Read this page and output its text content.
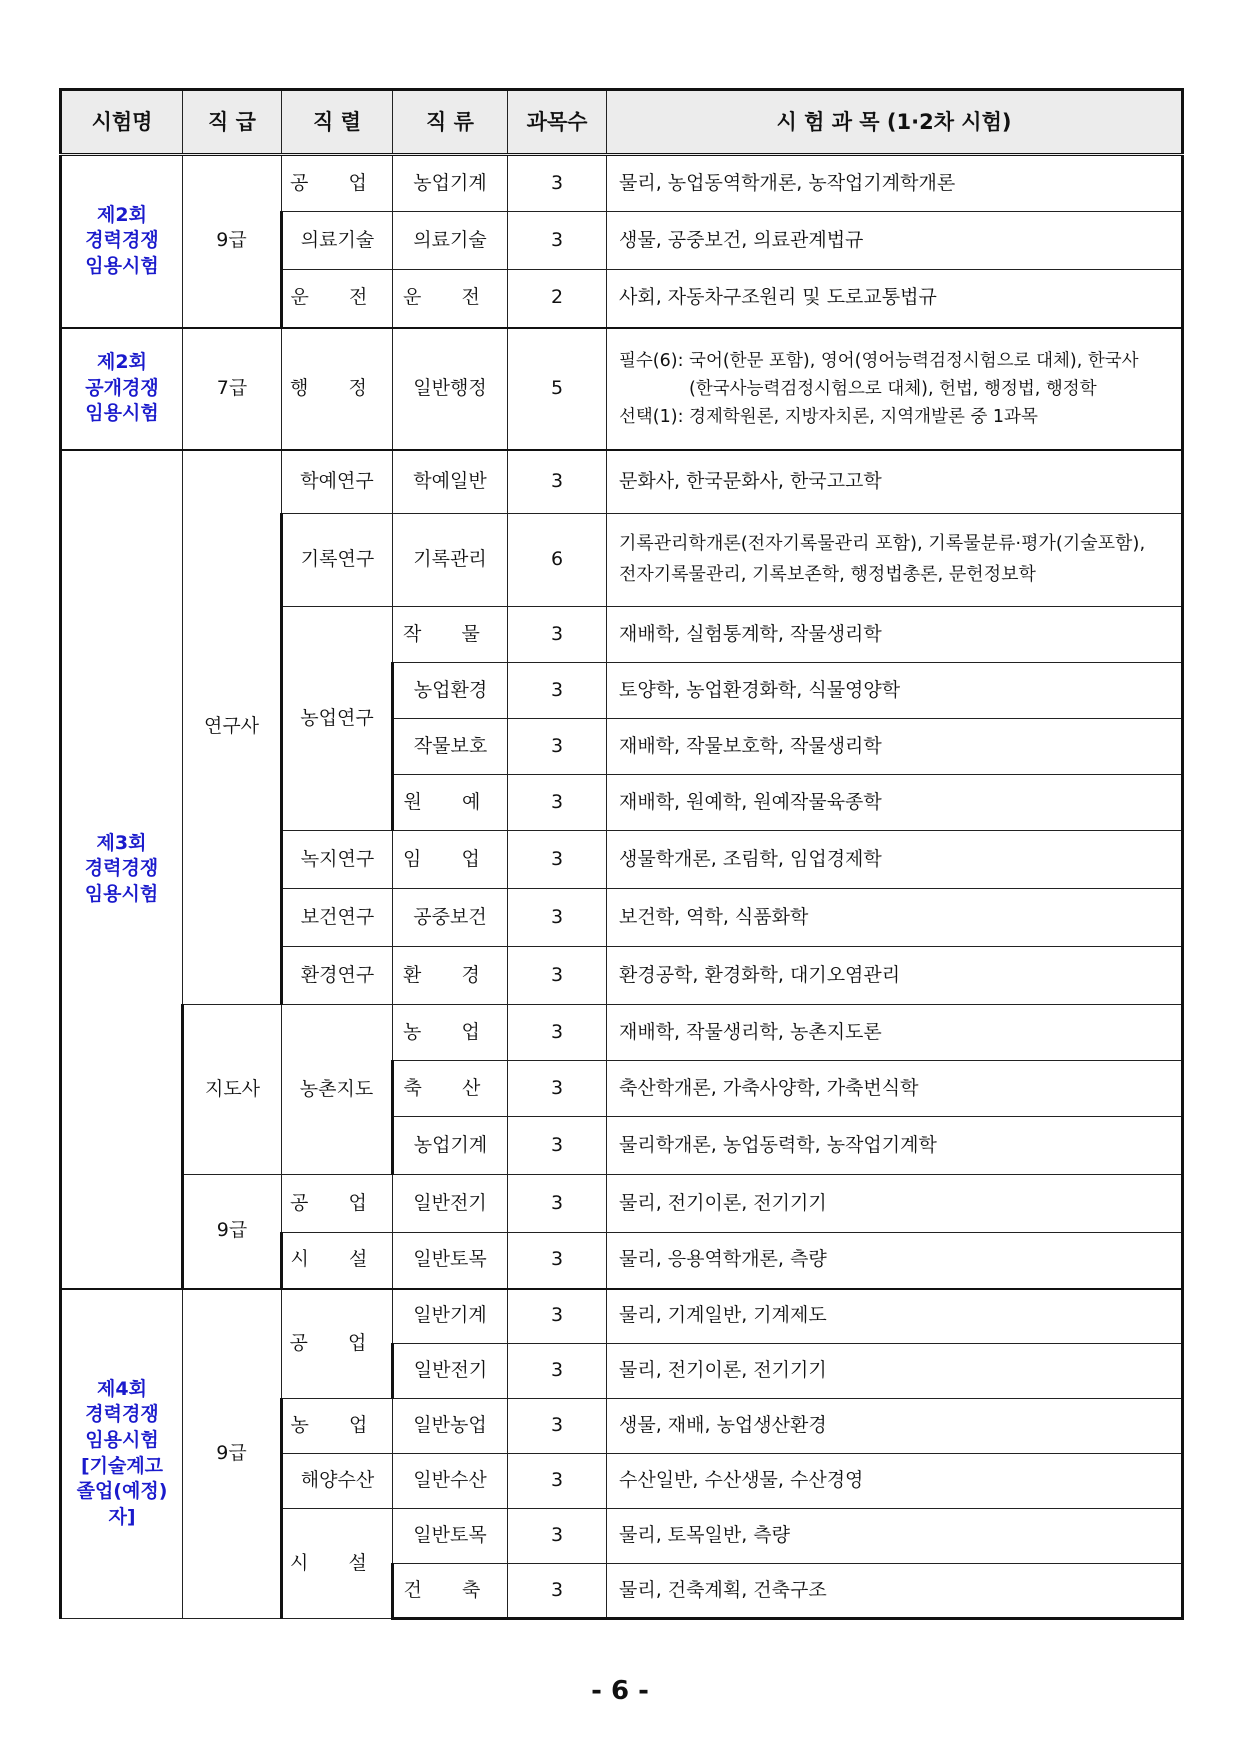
시험명	직 급	직 렬	직 류	과목수	시 험 과 목 (1·2차 시험)
제2회
경력경쟁
임용시험	9급	공 업	농업기계	3	물리, 농업동역학개론, 농작업기계학개론
		의료기술	의료기술	3	생물, 공중보건, 의료관계법규
		운 전	운 전	2	사회, 자동차구조원리 및 도로교통법규
제2회
공개경쟁
임용시험	7급	행 정	일반행정	5	필수(6): 국어(한문 포함), 영어(영어능력검정시험으로 대체), 한국사
(한국사능력검정시험으로 대체), 헌법, 행정법, 행정학
선택(1): 경제학원론, 지방자치론, 지역개발론 중 1과목

제3회
경력경쟁
임용시험	연구사	학예연구	학예일반	3	문화사, 한국문화사, 한국고고학
		기록연구	기록관리	6	기록관리학개론(전자기록물관리 포함), 기록물분류·평가(기술포함),
전자기록물관리, 기록보존학, 행정법총론, 문헌정보학

		농업연구	작 물	3	재배학, 실험통계학, 작물생리학
			농업환경	3	토양학, 농업환경화학, 식물영양학
			작물보호	3	재배학, 작물보호학, 작물생리학
			원 예	3	재배학, 원예학, 원예작물육종학
		녹지연구	임 업	3	생물학개론, 조림학, 임업경제학
		보건연구	공중보건	3	보건학, 역학, 식품화학
		환경연구	환 경	3	환경공학, 환경화학, 대기오염관리
	지도사	농촌지도	농 업	3	재배학, 작물생리학, 농촌지도론
			축 산	3	축산학개론, 가축사양학, 가축번식학
			농업기계	3	물리학개론, 농업동력학, 농작업기계학
	9급	공 업	일반전기	3	물리, 전기이론, 전기기기
		시 설	일반토목	3	물리, 응용역학개론, 측량
제4회
경력경쟁
임용시험
[기술계고
졸업(예정)자]	9급	공 업	일반기계	3	물리, 기계일반, 기계제도
			일반전기	3	물리, 전기이론, 전기기기
		농 업	일반농업	3	생물, 재배, 농업생산환경
		해양수산	일반수산	3	수산일반, 수산생물, 수산경영
		시 설	일반토목	3	물리, 토목일반, 측량
			건 축	3	물리, 건축계획, 건축구조
- 6 -
